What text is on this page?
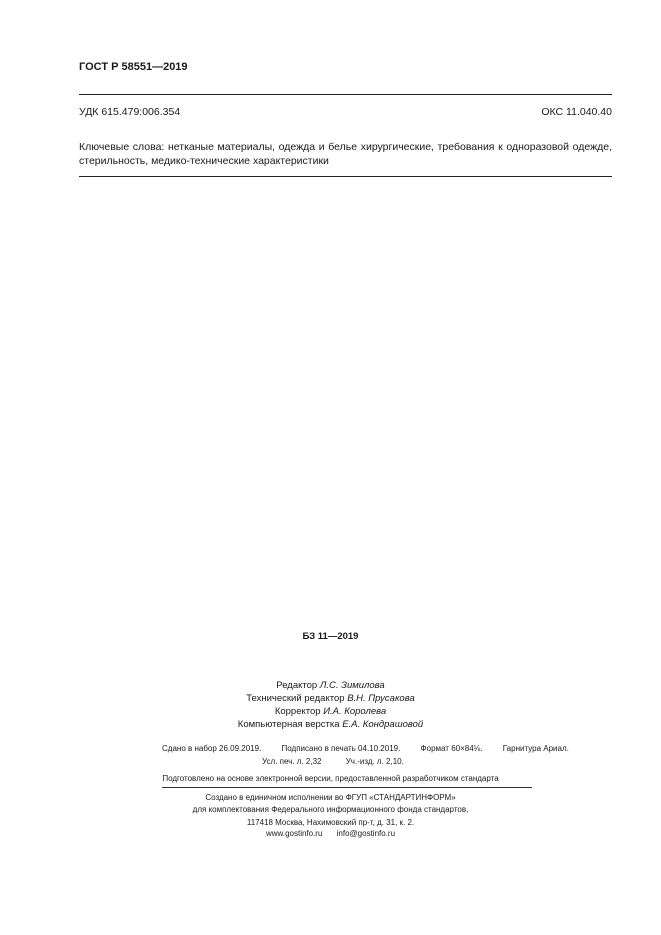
ГОСТ Р 58551—2019
УДК 615.479:006.354	ОКС 11.040.40
Ключевые слова: нетканые материалы, одежда и белье хирургические, требования к одноразовой одежде, стерильность, медико-технические характеристики
БЗ 11—2019
Редактор Л.С. Зимилова
Технический редактор В.Н. Прусакова
Корректор И.А. Королева
Компьютерная верстка Е.А. Кондрашовой
Сдано в набор 26.09.2019.	Подписано в печать 04.10.2019.	Формат 60×84⅛.	Гарнитура Ариал.
Усл. печ. л. 2,32	Уч.-изд. л. 2,10.
Подготовлено на основе электронной версии, предоставленной разработчиком стандарта
Создано в единичном исполнении во ФГУП «СТАНДАРТИНФОРМ»
для комплектования Федерального информационного фонда стандартов,
117418 Москва, Нахимовский пр-т, д. 31, к. 2.
www.gostinfo.ru info@gostinfo.ru
